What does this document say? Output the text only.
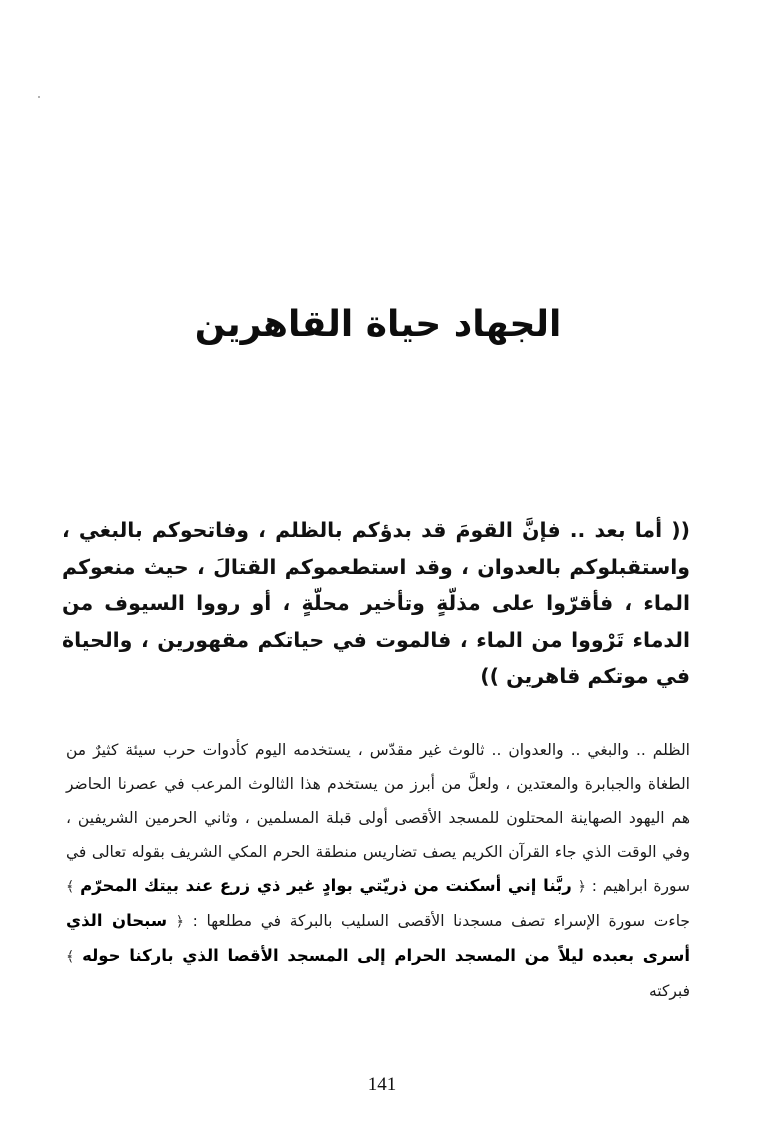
الجهاد حياة القاهرين

(( أما بعد .. فإنَّ القومَ قد بدؤكم بالظلم ، وفاتحوكم بالبغي ، واستقبلوكم بالعدوان ، وقد استطعموكم القتالَ ، حيث منعوكم الماء ، فأقرّوا على مذلّةٍ وتأخير محلّةٍ ، أو رووا السيوف من الدماء تَرْووا من الماء ، فالموت في حياتكم مقهورين ، والحياة في موتكم قاهرين ))

الظلم .. والبغي .. والعدوان .. ثالوث غير مقدّس ، يستخدمه اليوم كأدوات حرب سيئة كثيرٌ من الطغاة والجبابرة والمعتدين ، ولعلَّ من أبرز من يستخدم هذا الثالوث المرعب في عصرنا الحاضر هم اليهود الصهاينة المحتلون للمسجد الأقصى أولى قبلة المسلمين ، وثاني الحرمين الشريفين ، وفي الوقت الذي جاء القرآن الكريم يصف تضاريس منطقة الحرم المكي الشريف بقوله تعالى في سورة ابراهيم : ﴿ ربَّنا إني أسكنت من ذريّتي بوادٍ غير ذي زرع عند بيتك المحرّم ﴾ جاءت سورة الإسراء تصف مسجدنا الأقصى السليب بالبركة في مطلعها : ﴿ سبحان الذي أسرى بعبده ليلاً من المسجد الحرام إلى المسجد الأقصا الذي باركنا حوله ﴾ فبركته

141
